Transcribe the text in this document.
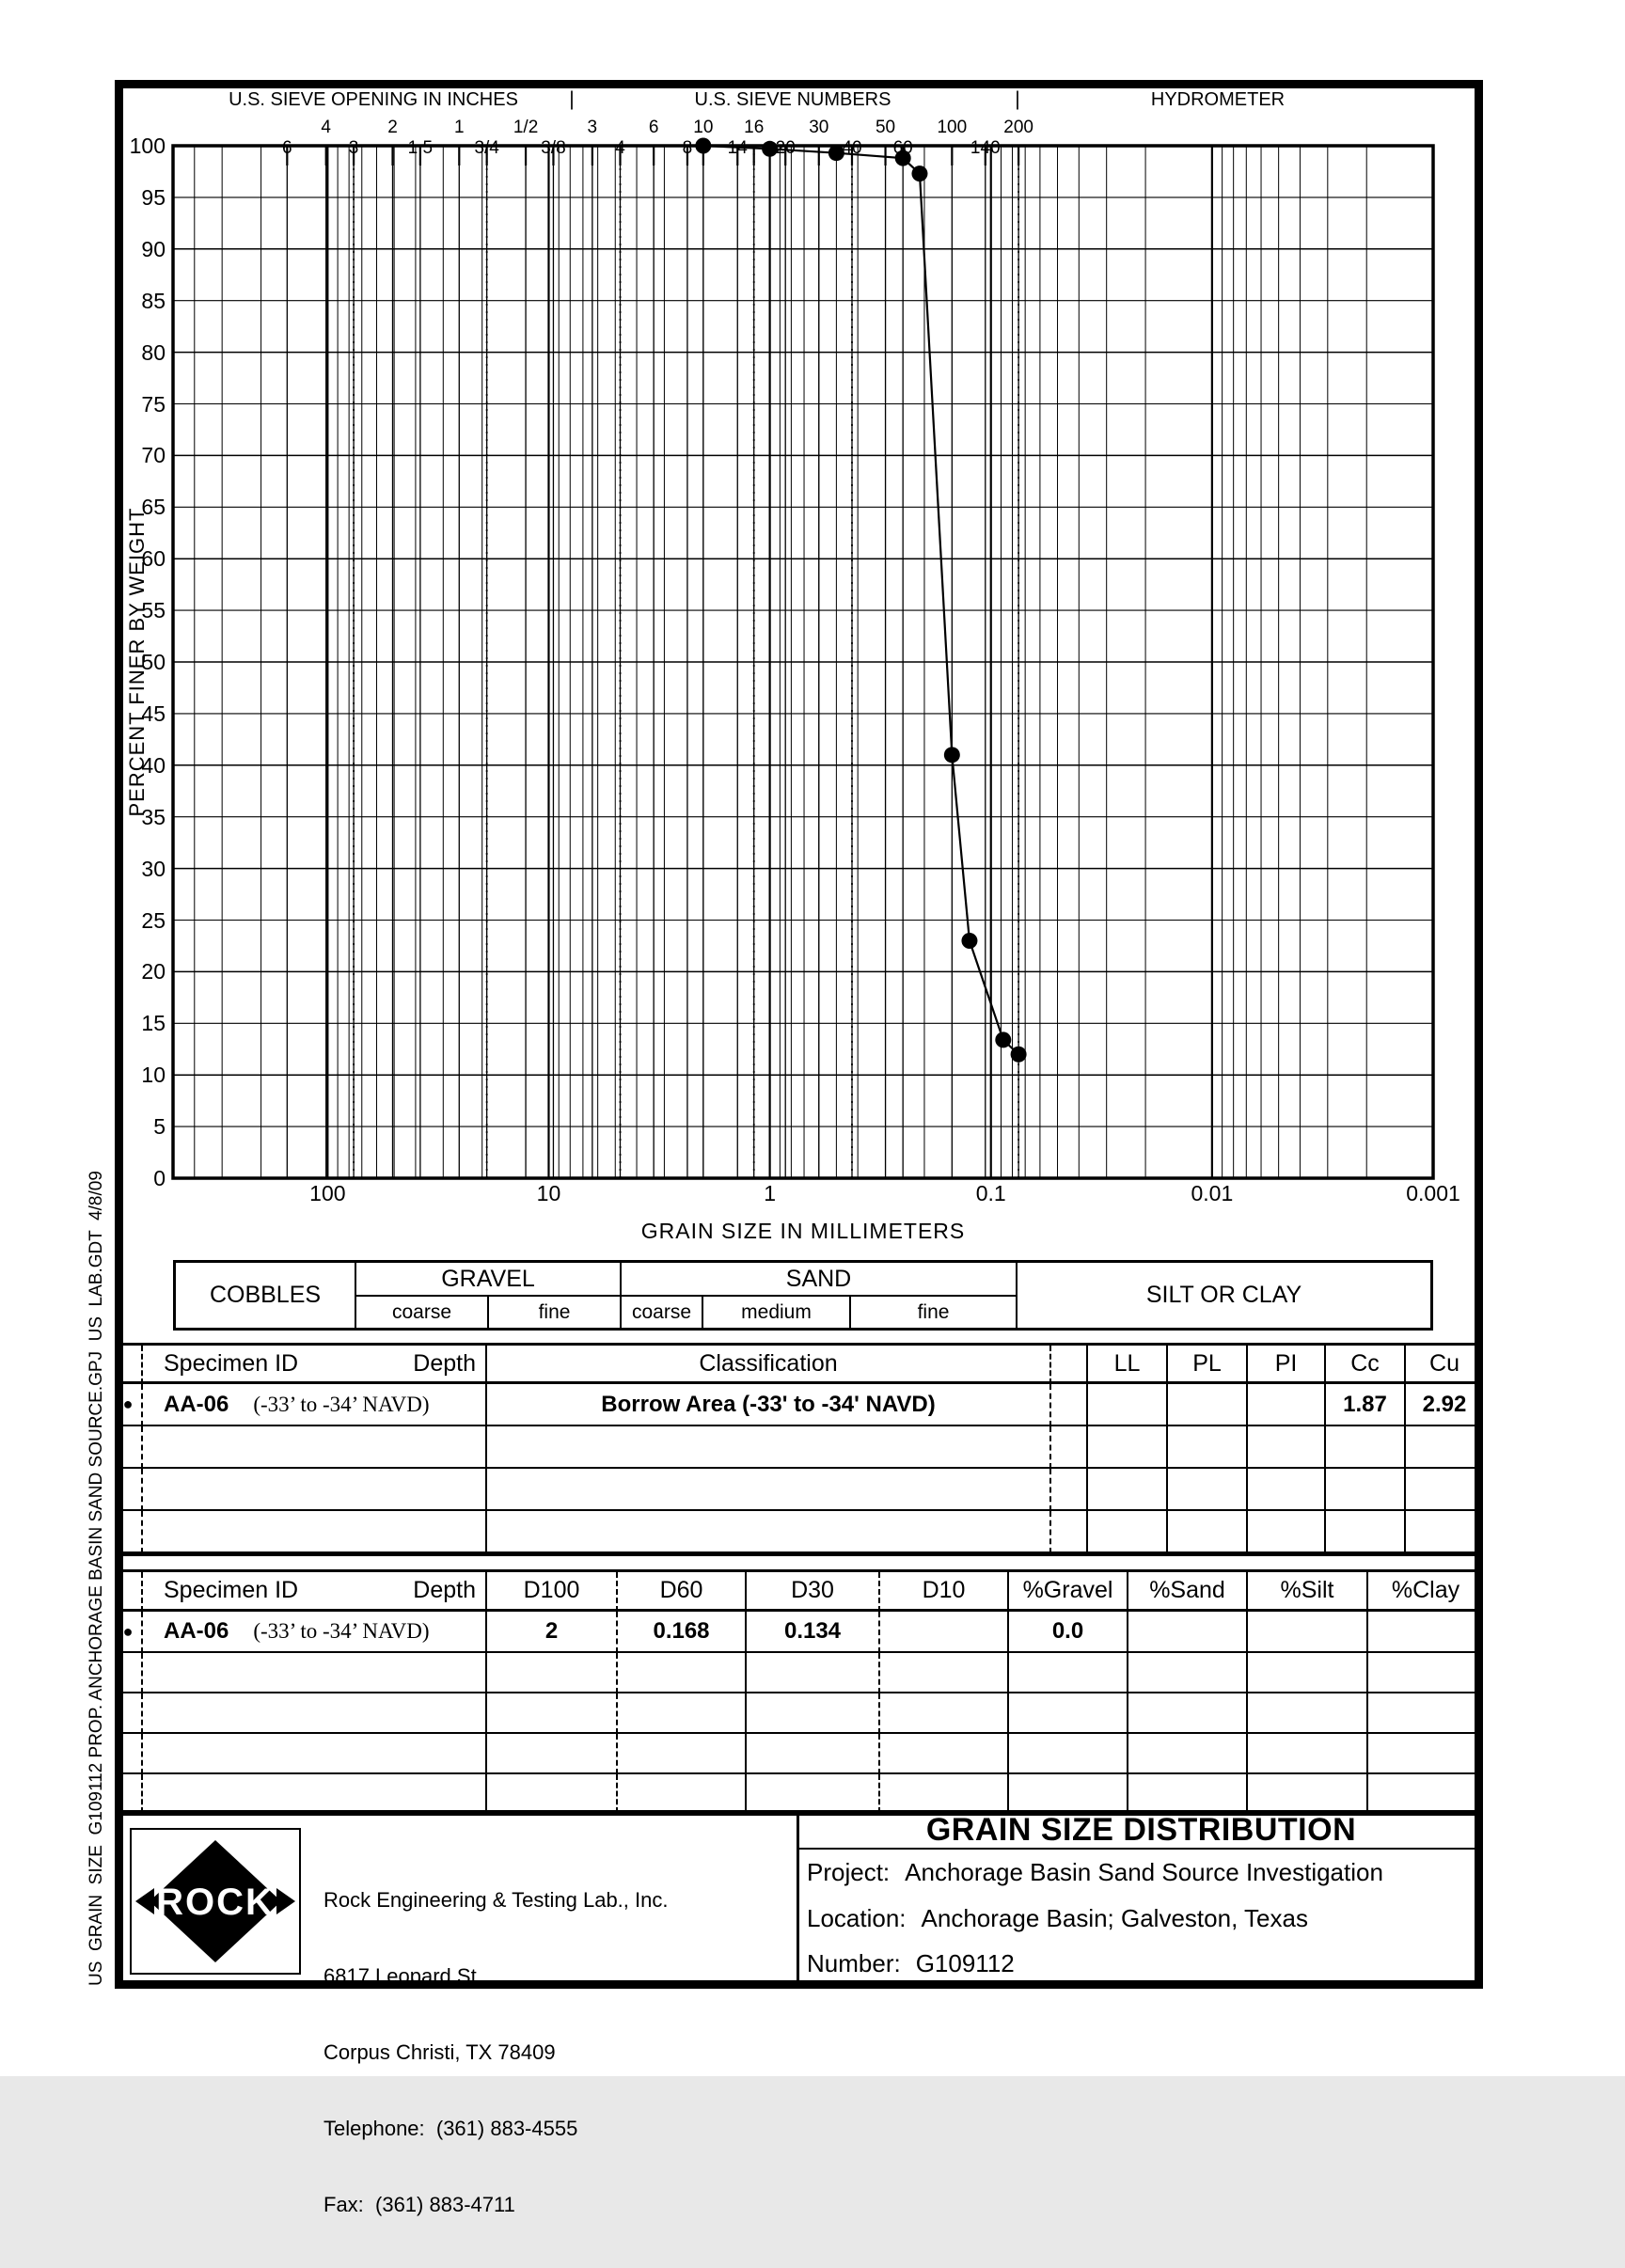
U.S. SIEVE OPENING IN INCHES	|	U.S. SIEVE NUMBERS	|	HYDROMETER
6
4
3
2
1.5
1
3/4
1/2
3/8
3
4
6
8
10
14
16
20
30
40
50
60
100
140
200
100
95
90
85
80
75
70
65
60
55
50
45
40
35
30
25
20
15
10
5
0
100	10	1	0.1	0.01	0.001
PERCENT FINER BY WEIGHT
GRAIN SIZE IN MILLIMETERS
COBBLES
GRAVEL	SAND
SILT OR CLAY
coarse	fine	coarse	medium	fine

	Specimen ID Depth	Classification		LL	PL	PI	Cc	Cu
●	AA-06 (-33’ to -34’ NAVD)	Borrow Area (-33' to -34' NAVD)					1.87	2.92

	Specimen ID Depth	D100	D60	D30	D10	%Gravel	%Sand	%Silt	%Clay
●	AA-06 (-33’ to -34’ NAVD)	2	0.168	0.134		0.0			

ROCK

Rock Engineering & Testing Lab., Inc.

6817 Leopard St.

Corpus Christi, TX 78409

Telephone:  (361) 883-4555

Fax:  (361) 883-4711

GRAIN SIZE DISTRIBUTION
Project: Anchorage Basin Sand Source Investigation
Location: Anchorage Basin; Galveston, Texas
Number: G109112
US  GRAIN  SIZE  G109112 PROP. ANCHORAGE BASIN SAND SOURCE.GPJ  US  LAB.GDT  4/8/09
